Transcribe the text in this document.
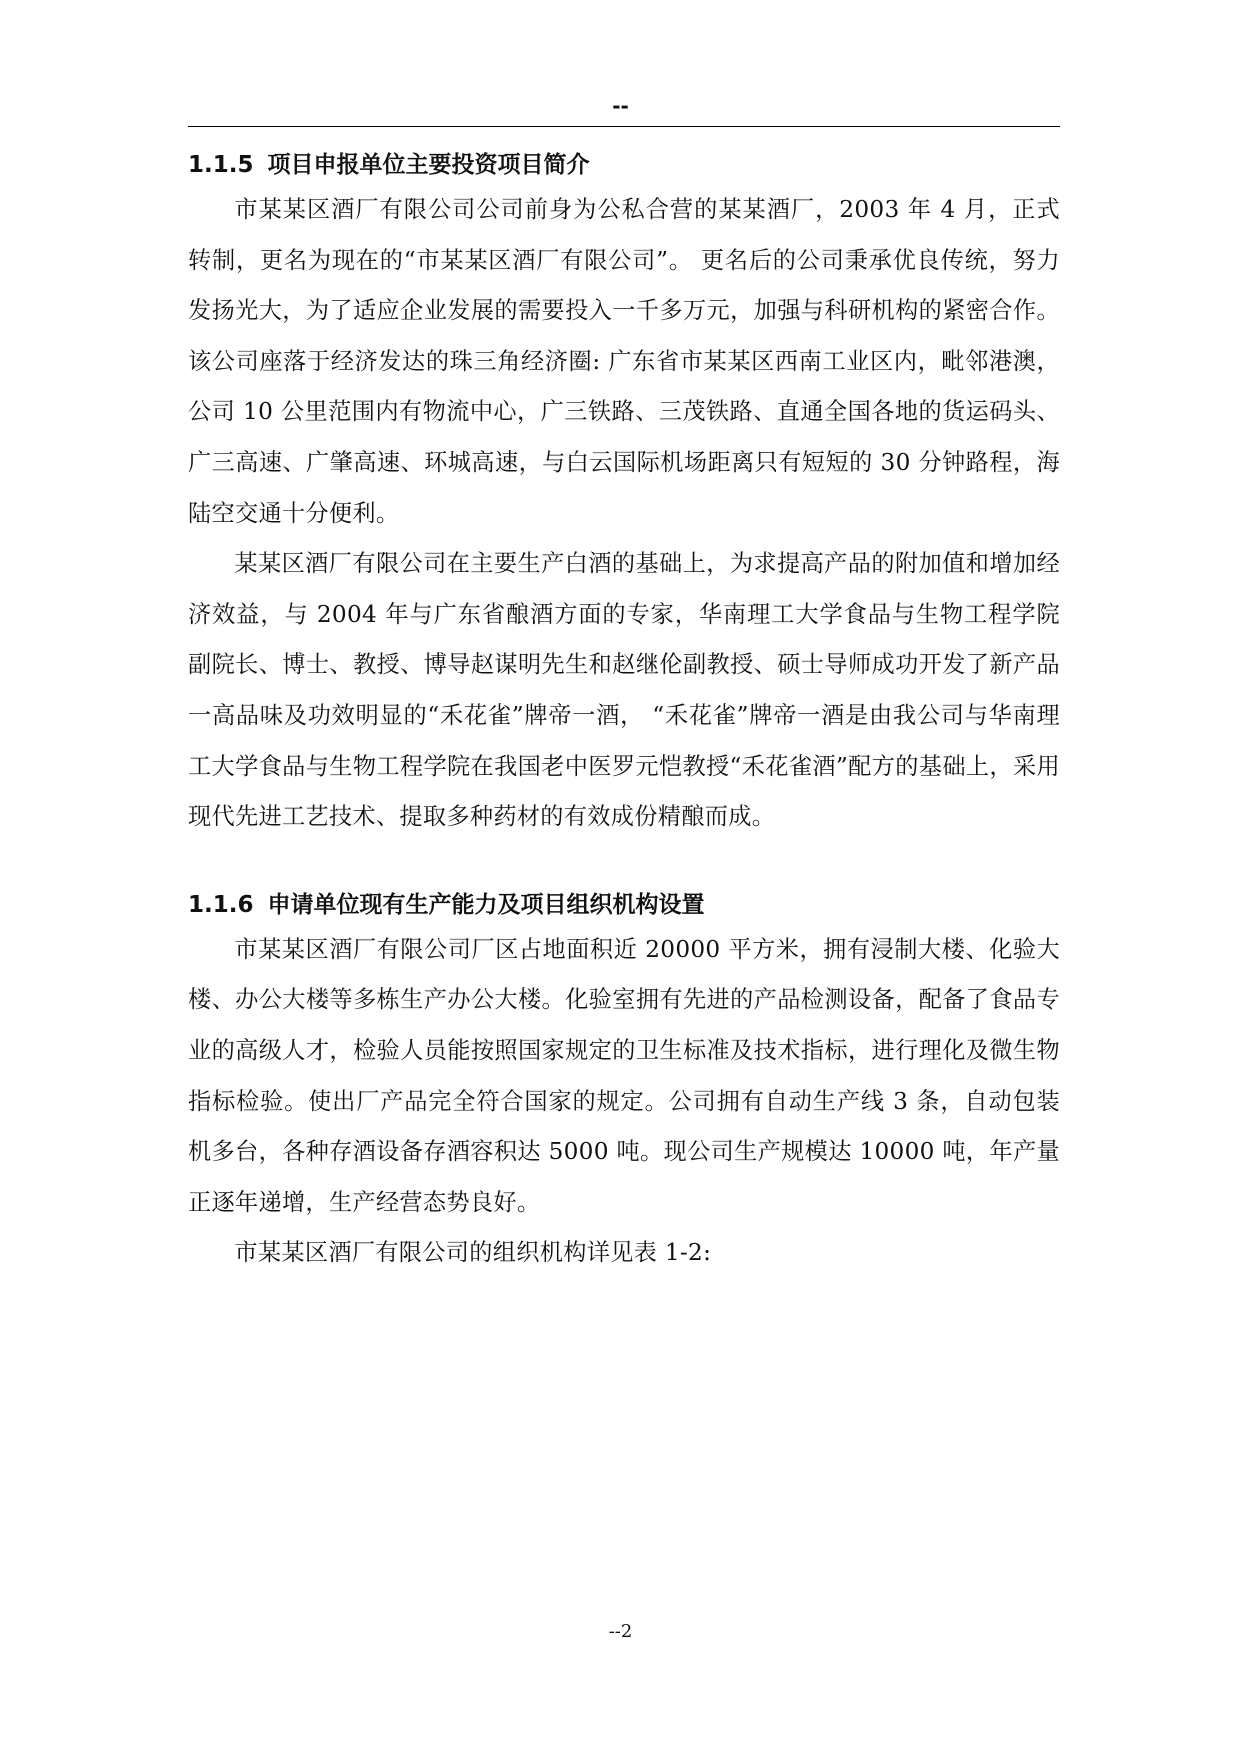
--
1.1.5 项目申报单位主要投资项目简介

市某某区酒厂有限公司公司前身为公私合营的某某酒厂，2003 年 4 月，正式转制，更名为现在的“市某某区酒厂有限公司”。 更名后的公司秉承优良传统，努力发扬光大，为了适应企业发展的需要投入一千多万元，加强与科研机构的紧密合作。该公司座落于经济发达的珠三角经济圈: 广东省市某某区西南工业区内，毗邻港澳，公司 10 公里范围内有物流中心，广三铁路、三茂铁路、直通全国各地的货运码头、广三高速、广肇高速、环城高速，与白云国际机场距离只有短短的 30 分钟路程，海陆空交通十分便利。

某某区酒厂有限公司在主要生产白酒的基础上，为求提高产品的附加值和增加经济效益，与 2004 年与广东省酿酒方面的专家，华南理工大学食品与生物工程学院副院长、博士、教授、博导赵谋明先生和赵继伦副教授、硕士导师成功开发了新产品一高品味及功效明显的“禾花雀”牌帝一酒， “禾花雀”牌帝一酒是由我公司与华南理工大学食品与生物工程学院在我国老中医罗元恺教授“禾花雀酒”配方的基础上，采用现代先进工艺技术、提取多种药材的有效成份精酿而成。

1.1.6 申请单位现有生产能力及项目组织机构设置

市某某区酒厂有限公司厂区占地面积近 20000 平方米，拥有浸制大楼、化验大楼、办公大楼等多栋生产办公大楼。化验室拥有先进的产品检测设备，配备了食品专业的高级人才，检验人员能按照国家规定的卫生标准及技术指标，进行理化及微生物指标检验。使出厂产品完全符合国家的规定。公司拥有自动生产线 3 条，自动包装机多台，各种存酒设备存酒容积达 5000 吨。现公司生产规模达 10000 吨，年产量正逐年递增，生产经营态势良好。

市某某区酒厂有限公司的组织机构详见表 1-2:

--2
